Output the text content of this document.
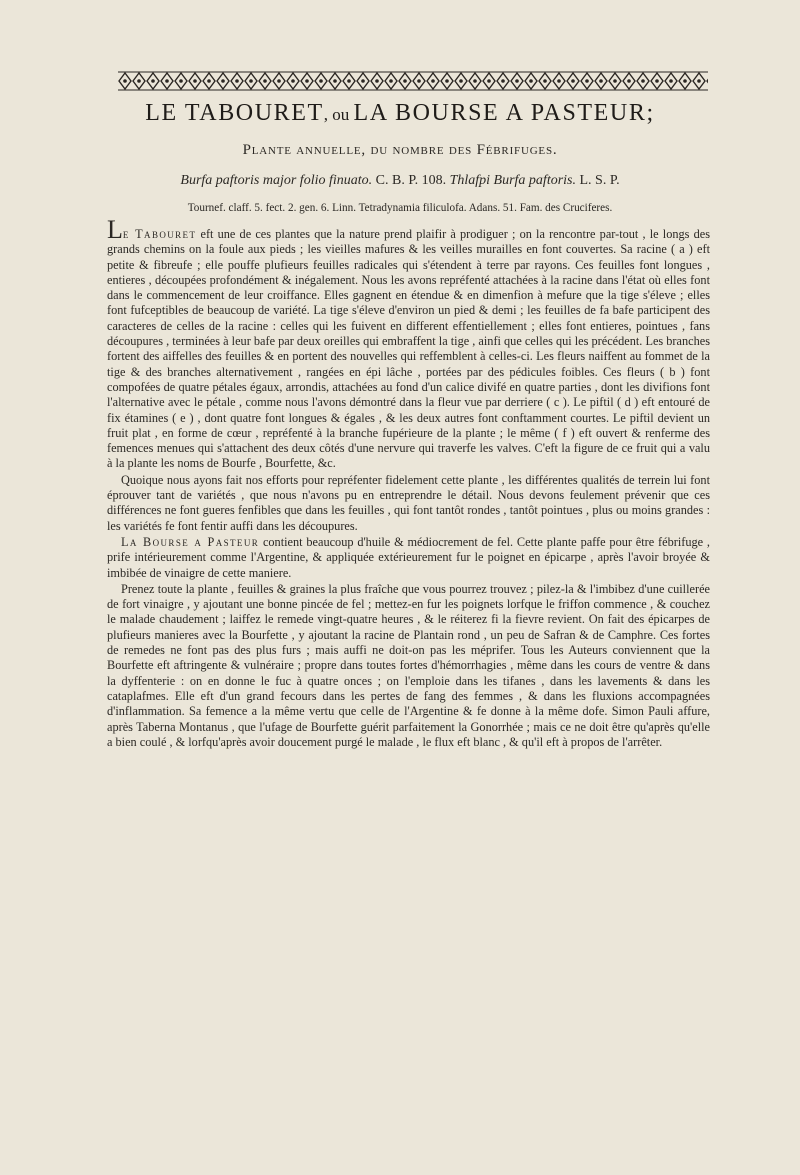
LE TABOURET, ou LA BOURSE A PASTEUR;
Plante annuelle, du nombre des Fébrifuges.
Burfa paftoris major folio finuato. C. B. P. 108. Thlafpi Burfa paftoris. L. S. P.
Tournef. claff. 5. fect. 2. gen. 6. Linn. Tetradynamia filiculofa. Adans. 51. Fam. des Cruciferes.

Le Tabouret eft une de ces plantes que la nature prend plaifir à prodiguer ; on la rencontre par-tout , le longs des grands chemins on la foule aux pieds ; les vieilles mafures & les veilles murailles en font couvertes. Sa racine ( a ) eft petite & fibreufe ; elle pouffe plufieurs feuilles radicales qui s'étendent à terre par rayons. Ces feuilles font longues , entieres , découpées profondément & inégalement. Nous les avons repréfenté attachées à la racine dans l'état où elles font dans le commencement de leur croiffance. Elles gagnent en étendue & en dimenfion à mefure que la tige s'éleve ; elles font fufceptibles de beaucoup de variété. La tige s'éleve d'environ un pied & demi ; les feuilles de fa bafe participent des caracteres de celles de la racine : celles qui les fuivent en different effentiellement ; elles font entieres, pointues , fans découpures , terminées à leur bafe par deux oreilles qui embraffent la tige , ainfi que celles qui les précédent. Les branches fortent des aiffelles des feuilles & en portent des nouvelles qui reffemblent à celles-ci. Les fleurs naiffent au fommet de la tige & des branches alternativement , rangées en épi lâche , portées par des pédicules foibles. Ces fleurs ( b ) font compofées de quatre pétales égaux, arrondis, attachées au fond d'un calice divifé en quatre parties , dont les divifions font l'alternative avec le pétale , comme nous l'avons démontré dans la fleur vue par derriere ( c ). Le piftil ( d ) eft entouré de fix étamines ( e ) , dont quatre font longues & égales , & les deux autres font conftamment courtes. Le piftil devient un fruit plat , en forme de cœur , repréfenté à la branche fupérieure de la plante ; le même ( f ) eft ouvert & renferme des femences menues qui s'attachent des deux côtés d'une nervure qui traverfe les valves. C'eft la figure de ce fruit qui a valu à la plante les noms de Bourfe , Bourfette, &c.

Quoique nous ayons fait nos efforts pour repréfenter fidelement cette plante , les différentes qualités de terrein lui font éprouver tant de variétés , que nous n'avons pu en entreprendre le détail. Nous devons feulement prévenir que ces différences ne font gueres fenfibles que dans les feuilles , qui font tantôt rondes , tantôt pointues , plus ou moins grandes : les variétés fe font fentir auffi dans les découpures.

La Bourse a Pasteur contient beaucoup d'huile & médiocrement de fel. Cette plante paffe pour être fébrifuge , prife intérieurement comme l'Argentine, & appliquée extérieurement fur le poignet en épicarpe , après l'avoir broyée & imbibée de vinaigre de cette maniere.

Prenez toute la plante , feuilles & graines la plus fraîche que vous pourrez trouvez ; pilez-la & l'imbibez d'une cuillerée de fort vinaigre , y ajoutant une bonne pincée de fel ; mettez-en fur les poignets lorfque le friffon commence , & couchez le malade chaudement ; laiffez le remede vingt-quatre heures , & le réiterez fi la fievre revient. On fait des épicarpes de plufieurs manieres avec la Bourfette , y ajoutant la racine de Plantain rond , un peu de Safran & de Camphre. Ces fortes de remedes ne font pas des plus furs ; mais auffi ne doit-on pas les méprifer. Tous les Auteurs conviennent que la Bourfette eft aftringente & vulnéraire ; propre dans toutes fortes d'hémorrhagies , même dans les cours de ventre & dans la dyffenterie : on en donne le fuc à quatre onces ; on l'emploie dans les tifanes , dans les lavements & dans les cataplafmes. Elle eft d'un grand fecours dans les pertes de fang des femmes , & dans les fluxions accompagnées d'inflammation. Sa femence a la même vertu que celle de l'Argentine & fe donne à la même dofe. Simon Pauli affure, après Taberna Montanus , que l'ufage de Bourfette guérit parfaitement la Gonorrhée ; mais ce ne doit être qu'après qu'elle a bien coulé , & lorfqu'après avoir doucement purgé le malade , le flux eft blanc , & qu'il eft à propos de l'arrêter.
